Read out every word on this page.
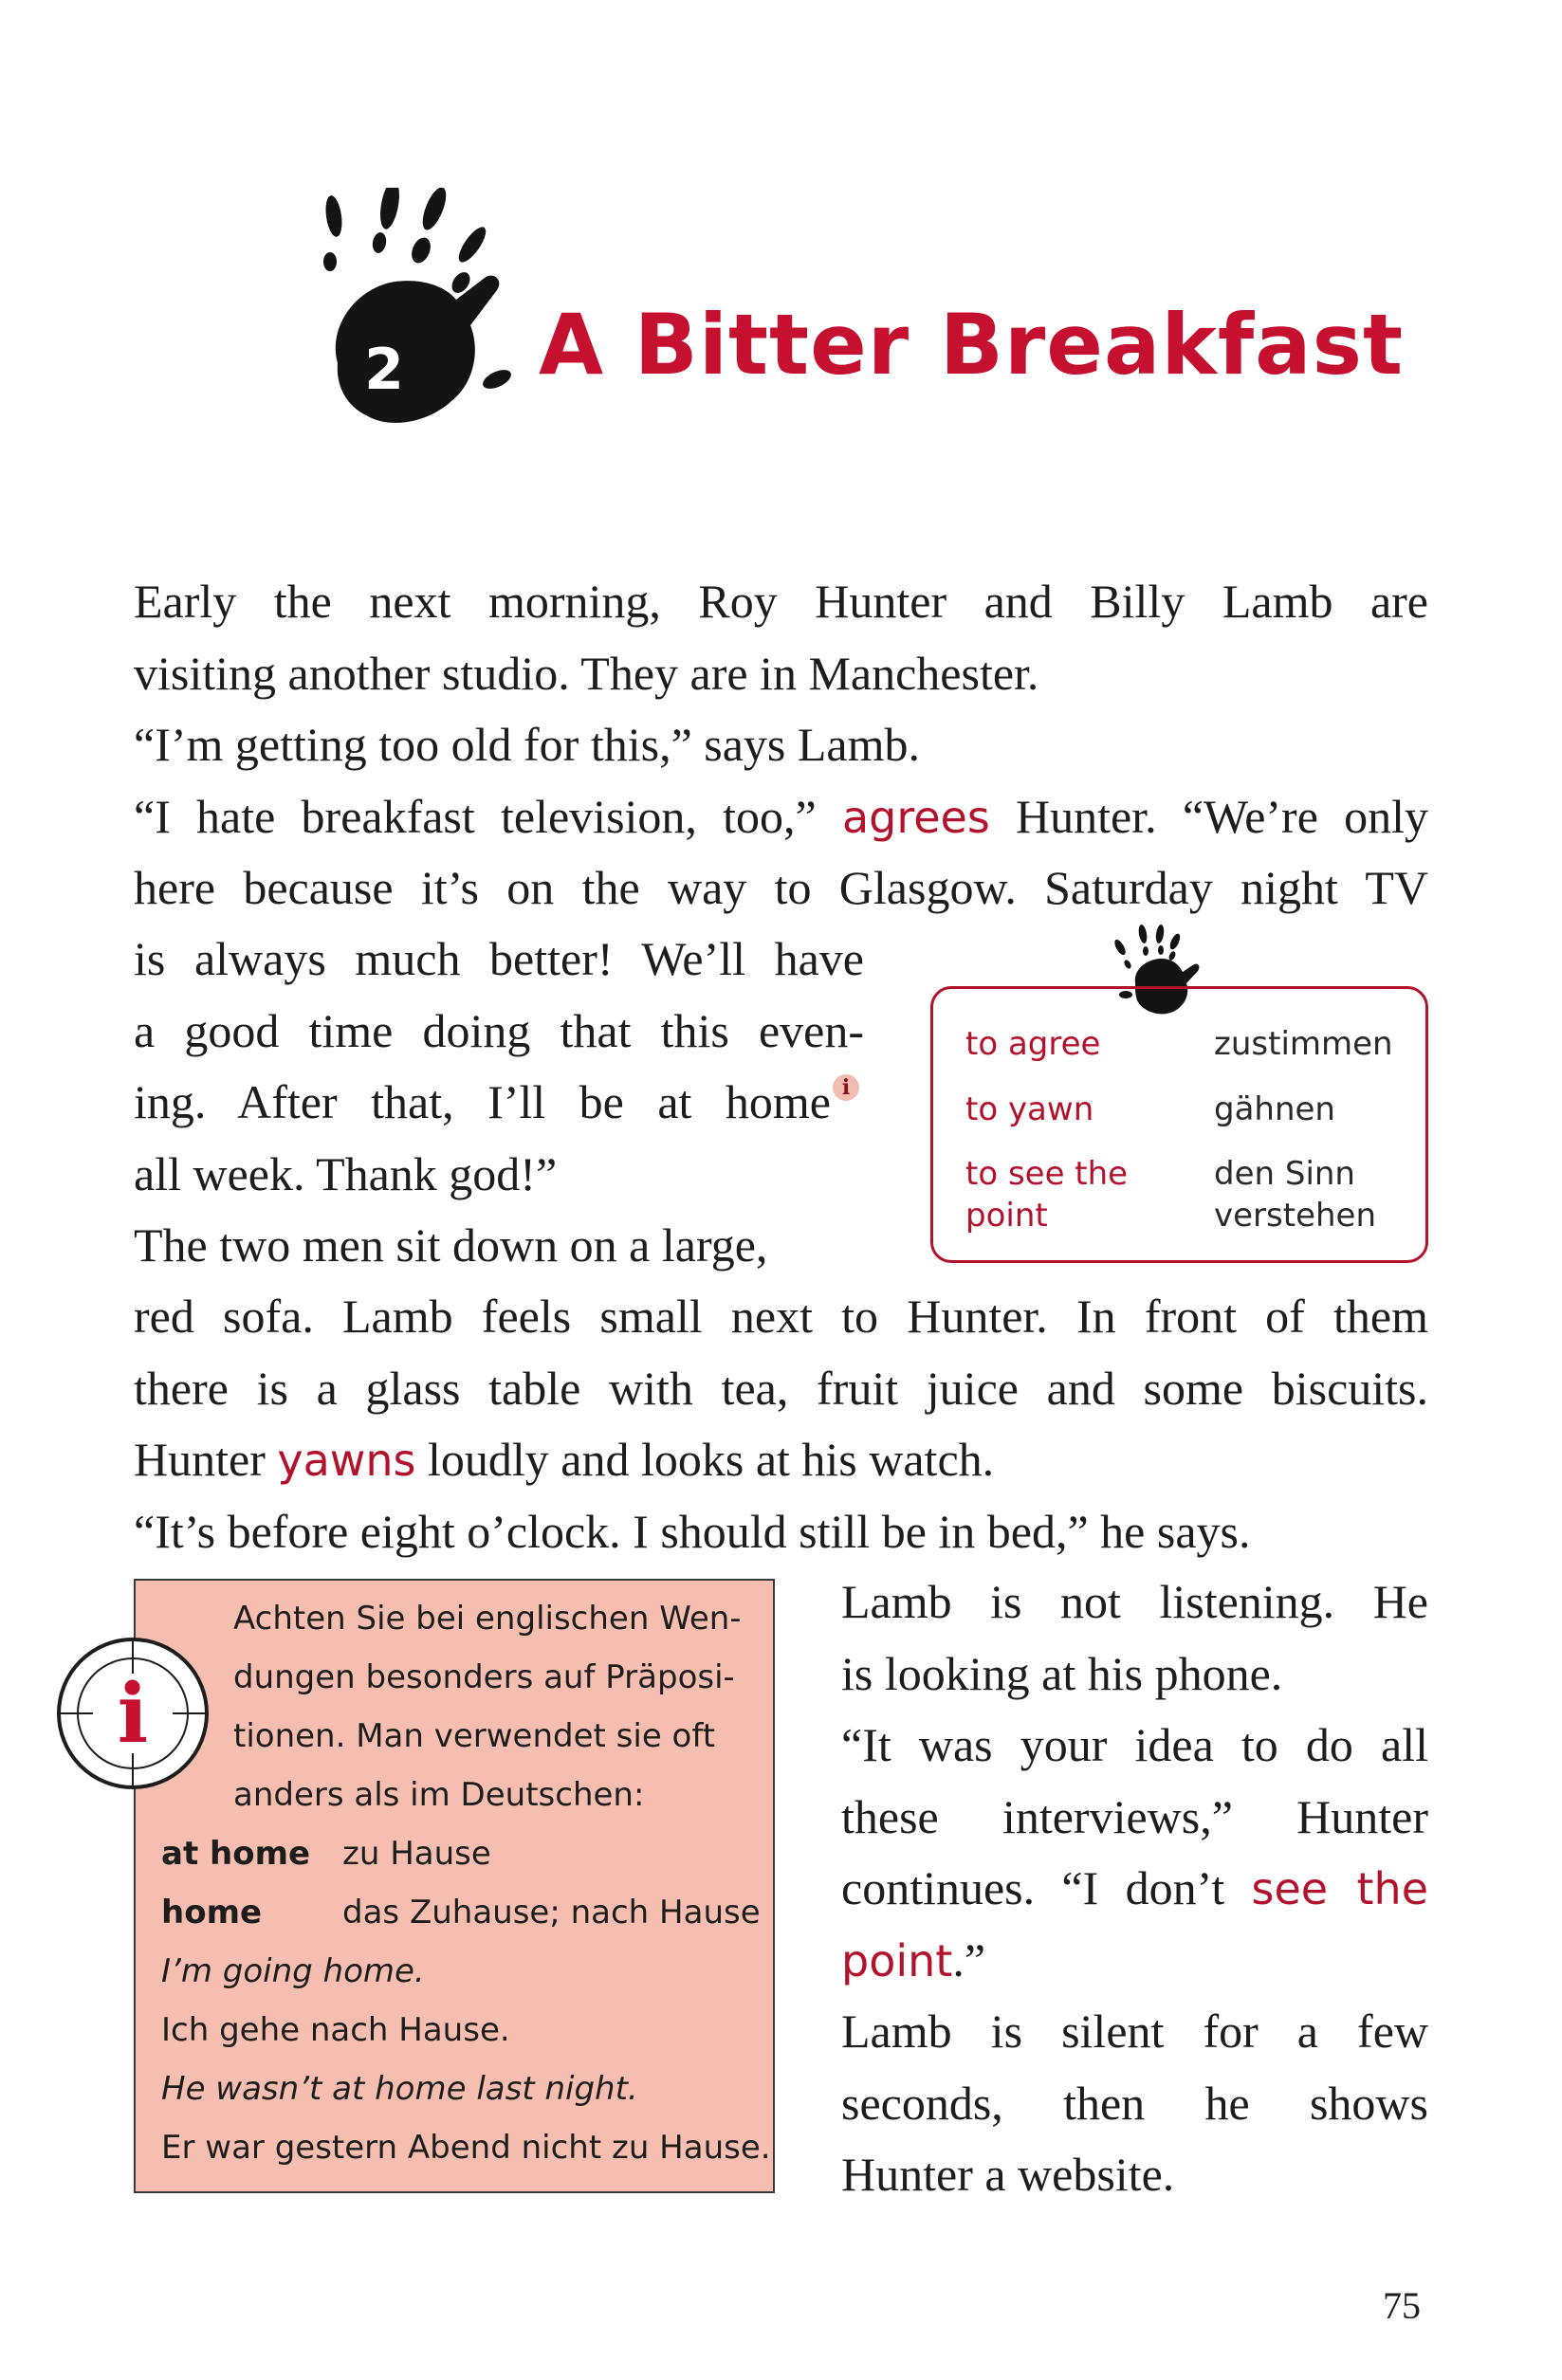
2 A Bitter Breakfast
Early the next morning, Roy Hunter and Billy Lamb are
visiting another studio. They are in Manchester.
“I’m getting too old for this,” says Lamb.
“I hate breakfast television, too,” agrees Hunter. “We’re only
here because it’s on the way to Glasgow. Saturday night TV
is always much better! We’ll have
a good time doing that this even-
ing. After that, I’ll be at home i
all week. Thank god!”
The two men sit down on a large,
to agree	zustimmen
to yawn	gähnen
to see the
point
den Sinn
verstehen
red sofa. Lamb feels small next to Hunter. In front of them
there is a glass table with tea, fruit juice and some biscuits.
Hunter yawns loudly and looks at his watch.
“It’s before eight o’clock. I should still be in bed,” he says.
Achten Sie bei englischen Wen-
dungen besonders auf Präposi-
tionen. Man verwendet sie oft
anders als im Deutschen:
at home zu Hause
home das Zuhause; nach Hause
I’m going home.
Ich gehe nach Hause.
He wasn’t at home last night.
Er war gestern Abend nicht zu Hause.
i
Lamb is not listening. He
is looking at his phone.
“It was your idea to do all
these interviews,” Hunter
continues. “I don’t see the
point.”
Lamb is silent for a few
seconds, then he shows
Hunter a website.
75
